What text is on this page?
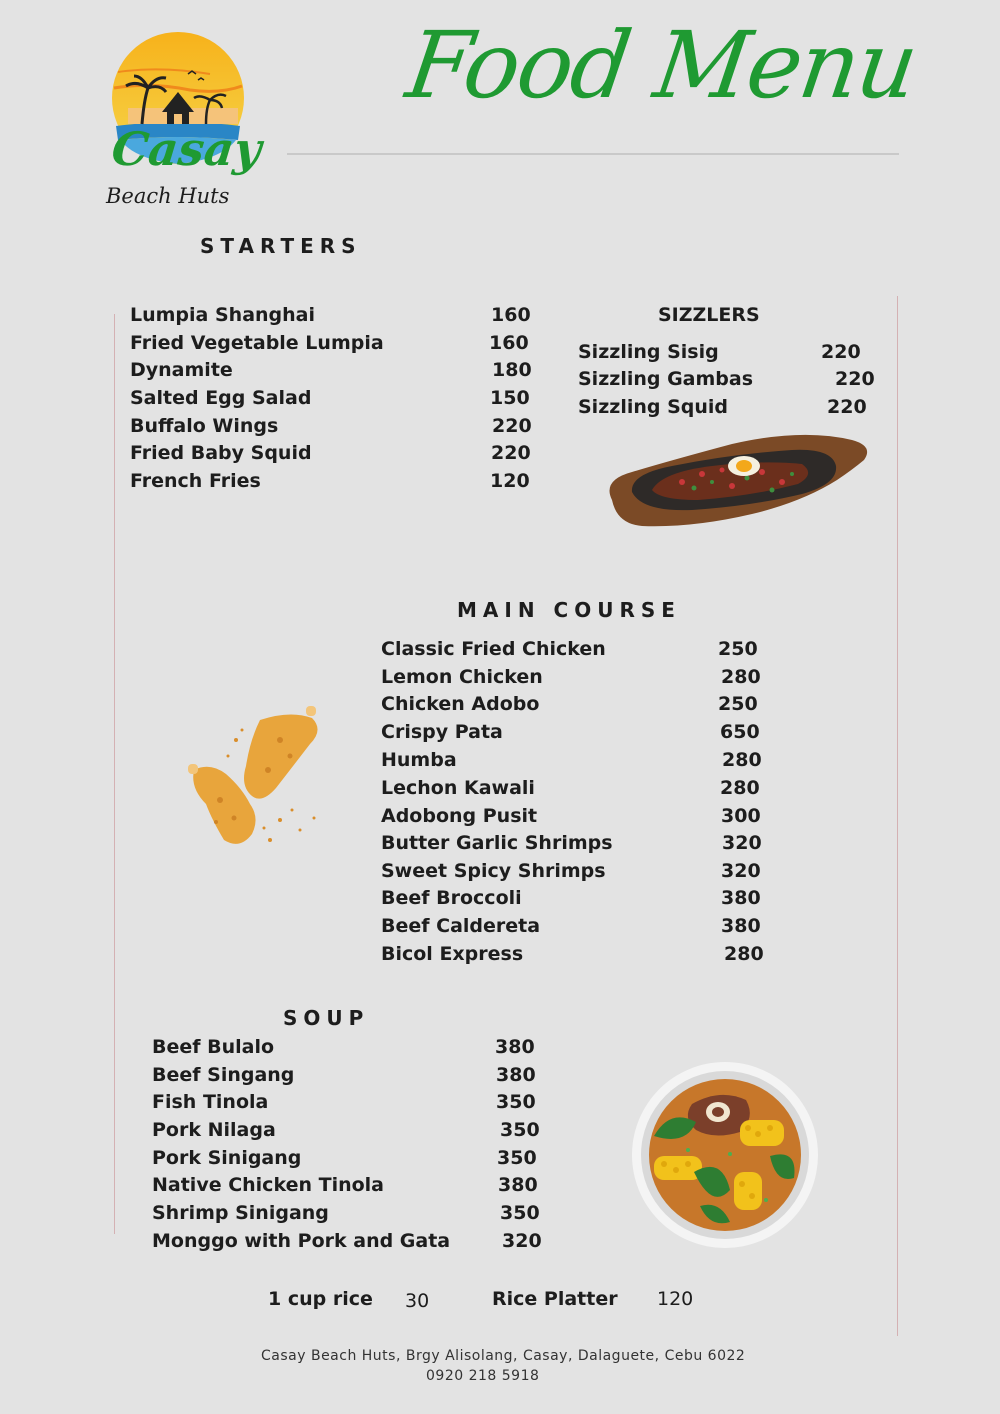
Casay
Beach Huts
Food Menu
STARTERS
Lumpia Shanghai	160
Fried Vegetable Lumpia	160
Dynamite	180
Salted Egg Salad	150
Buffalo Wings	220
Fried Baby Squid	220
French Fries	120
SIZZLERS
Sizzling Sisig	220
Sizzling Gambas	220
Sizzling Squid	220
MAIN COURSE
Classic Fried Chicken	250
Lemon Chicken	280
Chicken Adobo	250
Crispy Pata	650
Humba	280
Lechon Kawali	280
Adobong Pusit	300
Butter Garlic Shrimps	320
Sweet Spicy Shrimps	320
Beef Broccoli	380
Beef Caldereta	380
Bicol Express	280
SOUP
Beef Bulalo	380
Beef Singang	380
Fish Tinola	350
Pork Nilaga	350
Pork Sinigang	350
Native Chicken Tinola	380
Shrimp Sinigang	350
Monggo with Pork and Gata	320
1 cup rice 30	Rice Platter 120
Casay Beach Huts, Brgy Alisolang, Casay, Dalaguete, Cebu 6022
0920 218 5918
